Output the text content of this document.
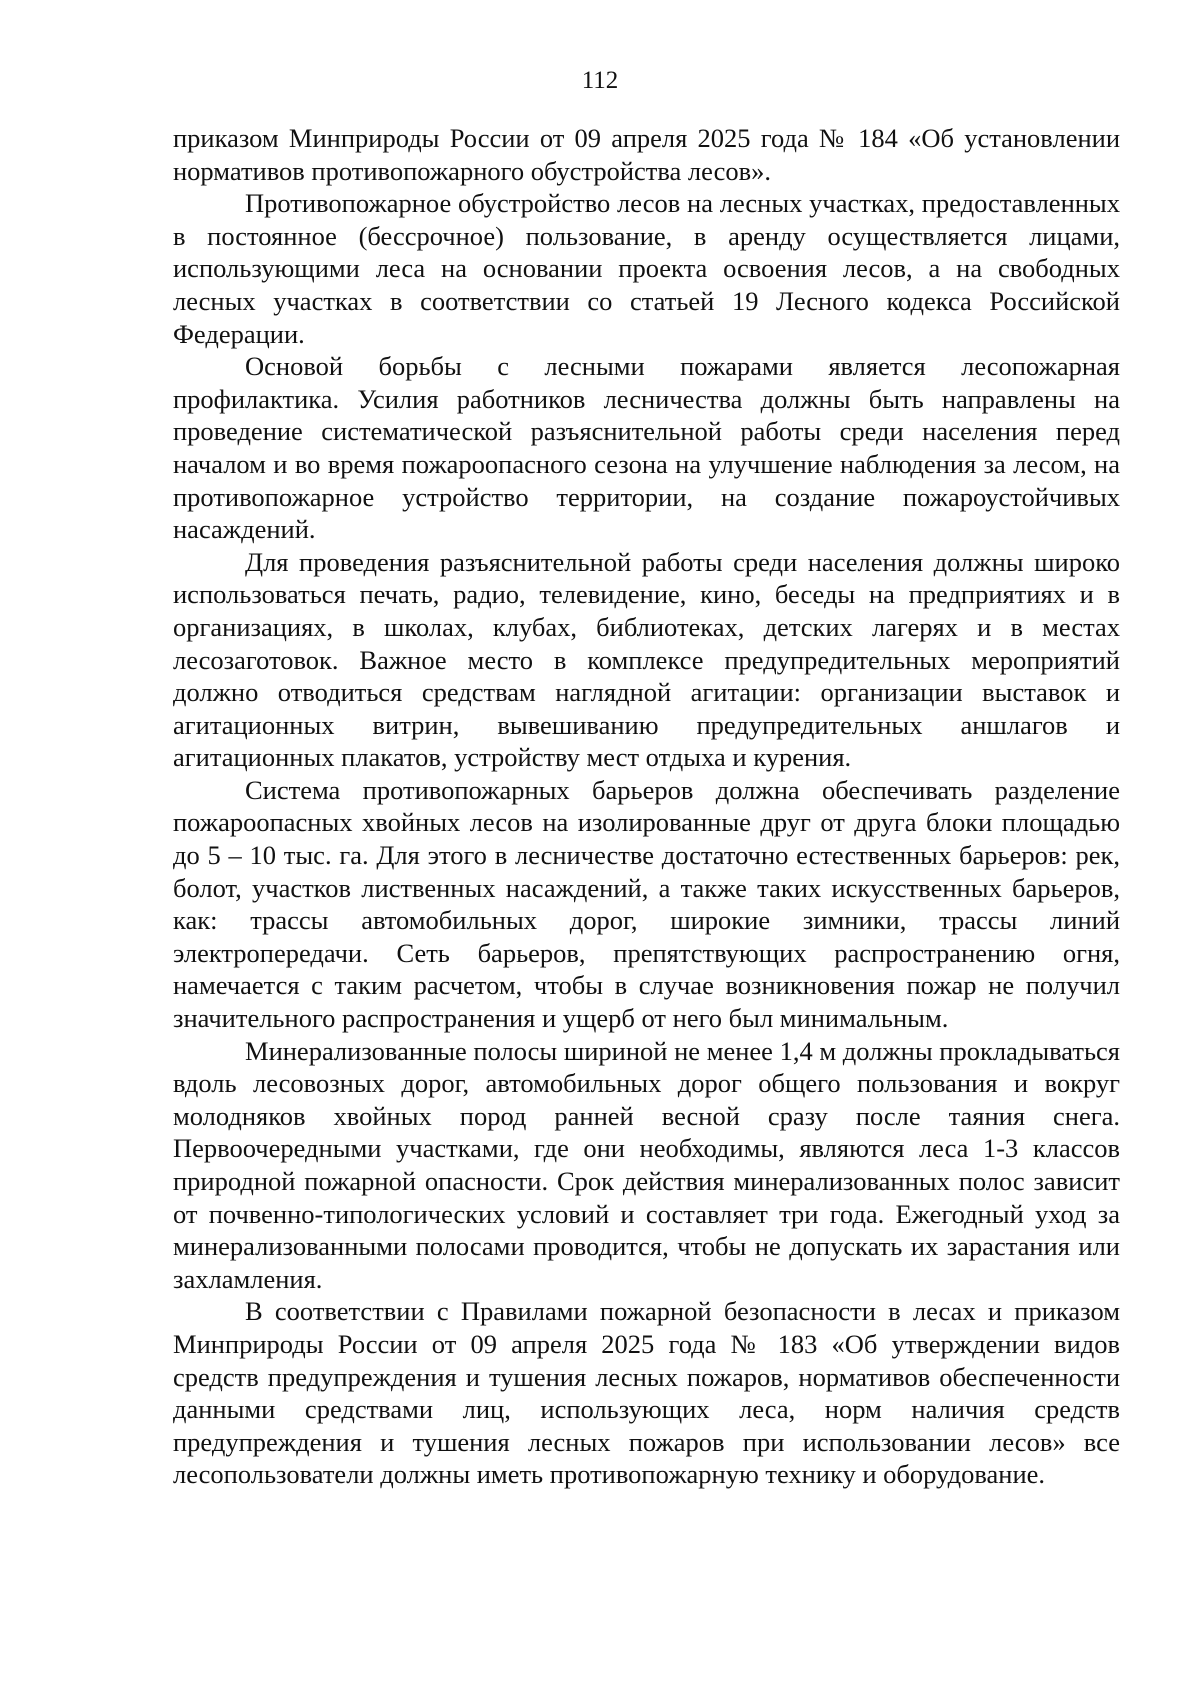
112

приказом Минприроды России от 09 апреля 2025 года № 184 «Об установлении нормативов противопожарного обустройства лесов».

Противопожарное обустройство лесов на лесных участках, предоставленных в постоянное (бессрочное) пользование, в аренду осуществляется лицами, использующими леса на основании проекта освоения лесов, а на свободных лесных участках в соответствии со статьей 19 Лесного кодекса Российской Федерации.

Основой борьбы с лесными пожарами является лесопожарная профилактика. Усилия работников лесничества должны быть направлены на проведение систематической разъяснительной работы среди населения перед началом и во время пожароопасного сезона на улучшение наблюдения за лесом, на противопожарное устройство территории, на создание пожароустойчивых насаждений.

Для проведения разъяснительной работы среди населения должны широко использоваться печать, радио, телевидение, кино, беседы на предприятиях и в организациях, в школах, клубах, библиотеках, детских лагерях и в местах лесозаготовок. Важное место в комплексе предупредительных мероприятий должно отводиться средствам наглядной агитации: организации выставок и агитационных витрин, вывешиванию предупредительных аншлагов и агитационных плакатов, устройству мест отдыха и курения.

Система противопожарных барьеров должна обеспечивать разделение пожароопасных хвойных лесов на изолированные друг от друга блоки площадью до 5 – 10 тыс. га. Для этого в лесничестве достаточно естественных барьеров: рек, болот, участков лиственных насаждений, а также таких искусственных барьеров, как: трассы автомобильных дорог, широкие зимники, трассы линий электропередачи. Сеть барьеров, препятствующих распространению огня, намечается с таким расчетом, чтобы в случае возникновения пожар не получил значительного распространения и ущерб от него был минимальным.

Минерализованные полосы шириной не менее 1,4 м должны прокладываться вдоль лесовозных дорог, автомобильных дорог общего пользования и вокруг молодняков хвойных пород ранней весной сразу после таяния снега. Первоочередными участками, где они необходимы, являются леса 1-3 классов природной пожарной опасности. Срок действия минерализованных полос зависит от почвенно-типологических условий и составляет три года. Ежегодный уход за минерализованными полосами проводится, чтобы не допускать их зарастания или захламления.

В соответствии с Правилами пожарной безопасности в лесах и приказом Минприроды России от 09 апреля 2025 года № 183 «Об утверждении видов средств предупреждения и тушения лесных пожаров, нормативов обеспеченности данными средствами лиц, использующих леса, норм наличия средств предупреждения и тушения лесных пожаров при использовании лесов» все лесопользователи должны иметь противопожарную технику и оборудование.
